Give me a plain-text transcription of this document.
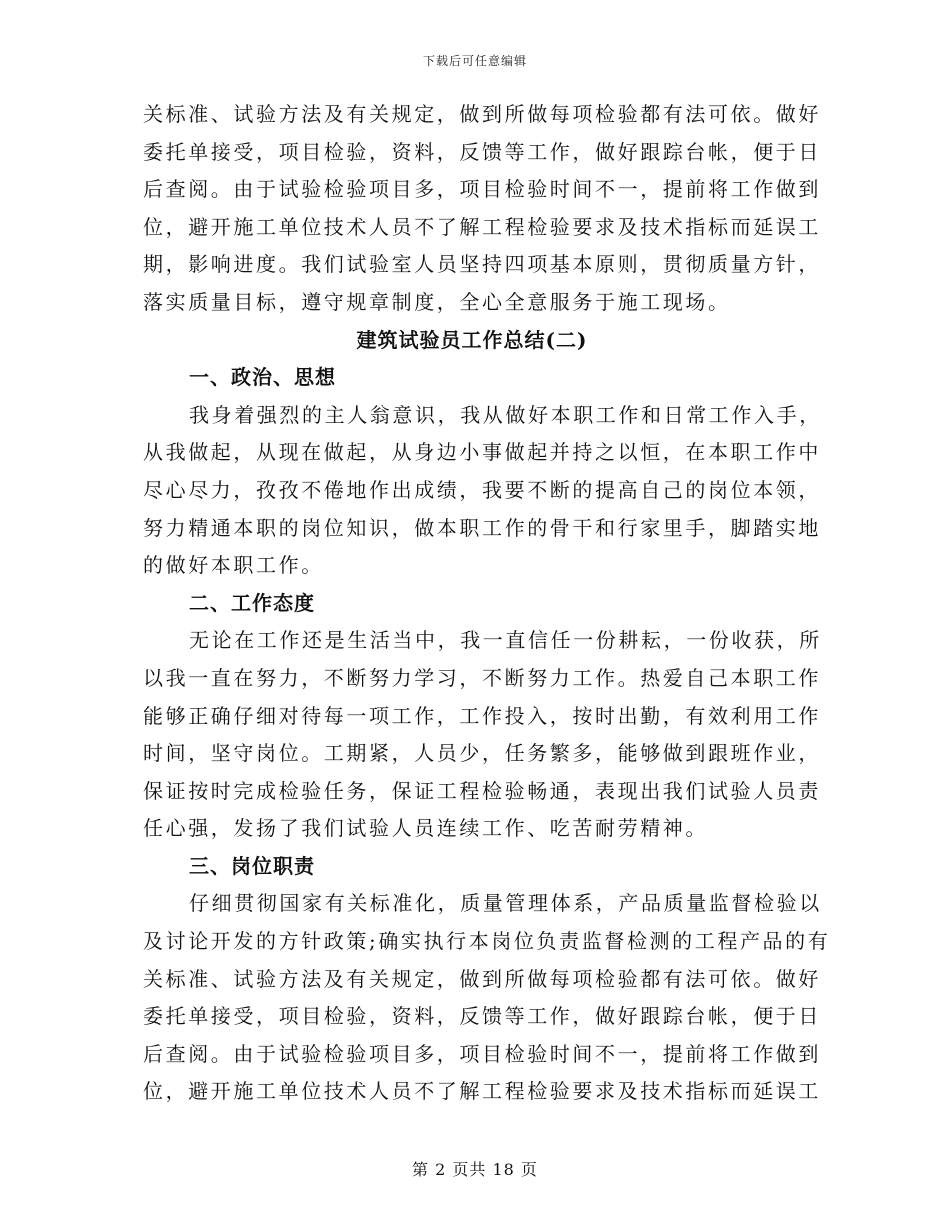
下载后可任意编辑
关标准、试验方法及有关规定，做到所做每项检验都有法可依。做好
委托单接受，项目检验，资料，反馈等工作，做好跟踪台帐，便于日
后查阅。由于试验检验项目多，项目检验时间不一，提前将工作做到
位，避开施工单位技术人员不了解工程检验要求及技术指标而延误工
期，影响进度。我们试验室人员坚持四项基本原则，贯彻质量方针，
落实质量目标，遵守规章制度，全心全意服务于施工现场。
建筑试验员工作总结(二)
一、政治、思想
我身着强烈的主人翁意识，我从做好本职工作和日常工作入手，
从我做起，从现在做起，从身边小事做起并持之以恒，在本职工作中
尽心尽力，孜孜不倦地作出成绩，我要不断的提高自己的岗位本领，
努力精通本职的岗位知识，做本职工作的骨干和行家里手，脚踏实地
的做好本职工作。
二、工作态度
无论在工作还是生活当中，我一直信任一份耕耘，一份收获，所
以我一直在努力，不断努力学习，不断努力工作。热爱自己本职工作
能够正确仔细对待每一项工作，工作投入，按时出勤，有效利用工作
时间，坚守岗位。工期紧，人员少，任务繁多，能够做到跟班作业，
保证按时完成检验任务，保证工程检验畅通，表现出我们试验人员责
任心强，发扬了我们试验人员连续工作、吃苦耐劳精神。
三、岗位职责
仔细贯彻国家有关标准化，质量管理体系，产品质量监督检验以
及讨论开发的方针政策;确实执行本岗位负责监督检测的工程产品的有
关标准、试验方法及有关规定，做到所做每项检验都有法可依。做好
委托单接受，项目检验，资料，反馈等工作，做好跟踪台帐，便于日
后查阅。由于试验检验项目多，项目检验时间不一，提前将工作做到
位，避开施工单位技术人员不了解工程检验要求及技术指标而延误工
第 2 页共 18 页
